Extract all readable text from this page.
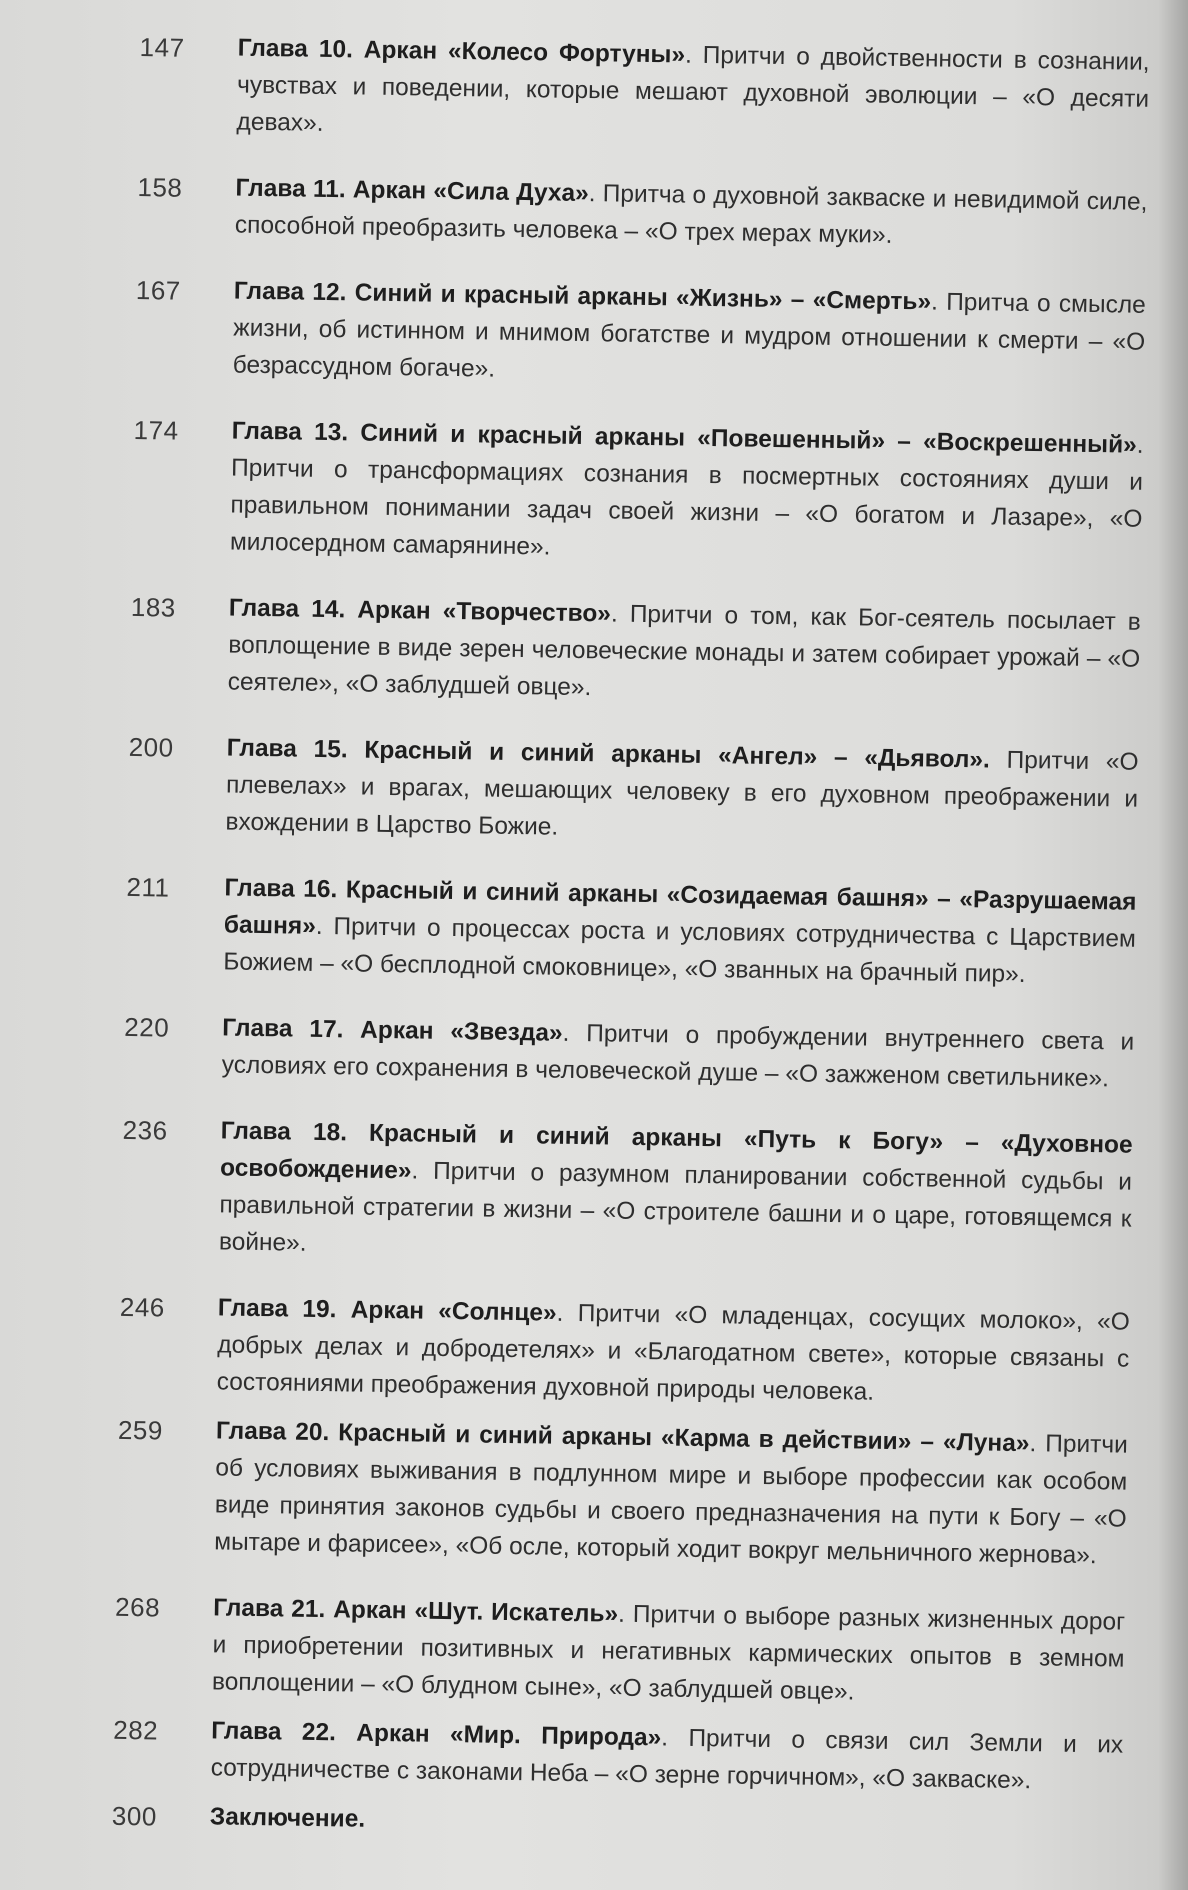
147	Глава 10. Аркан «Колесо Фортуны». Притчи о двойственности в сознании, чувствах и поведении, которые мешают духовной эволюции – «О десяти девах».
158	Глава 11. Аркан «Сила Духа». Притча о духовной закваске и невидимой силе, способной преобразить человека – «О трех мерах муки».
167	Глава 12. Синий и красный арканы «Жизнь» – «Смерть». Притча о смысле жизни, об истинном и мнимом богатстве и мудром отношении к смерти – «О безрассудном богаче».
174	Глава 13. Синий и красный арканы «Повешенный» – «Воскрешенный». Притчи о трансформациях сознания в посмертных состояниях души и правильном понимании задач своей жизни – «О богатом и Лазаре», «О милосердном самарянине».
183	Глава 14. Аркан «Творчество». Притчи о том, как Бог-сеятель посылает в воплощение в виде зерен человеческие монады и затем собирает урожай – «О сеятеле», «О заблудшей овце».
200	Глава 15. Красный и синий арканы «Ангел» – «Дьявол». Притчи «О плевелах» и врагах, мешающих человеку в его духовном преображении и вхождении в Царство Божие.
211	Глава 16. Красный и синий арканы «Созидаемая башня» – «Разрушаемая башня». Притчи о процессах роста и условиях сотрудничества с Царствием Божием – «О бесплодной смоковнице», «О званных на брачный пир».
220	Глава 17. Аркан «Звезда». Притчи о пробуждении внутреннего света и условиях его сохранения в человеческой душе – «О зажженом светильнике».
236	Глава 18. Красный и синий арканы «Путь к Богу» – «Духовное освобождение». Притчи о разумном планировании собственной судьбы и правильной стратегии в жизни – «О строителе башни и о царе, готовящемся к войне».
246	Глава 19. Аркан «Солнце». Притчи «О младенцах, сосущих молоко», «О добрых делах и добродетелях» и «Благодатном свете», которые связаны с состояниями преображения духовной природы человека.
259	Глава 20. Красный и синий арканы «Карма в действии» – «Луна». Притчи об условиях выживания в подлунном мире и выборе профессии как особом виде принятия законов судьбы и своего предназначения на пути к Богу – «О мытаре и фарисее», «Об осле, который ходит вокруг мельничного жернова».
268	Глава 21. Аркан «Шут. Искатель». Притчи о выборе разных жизненных дорог и приобретении позитивных и негативных кармических опытов в земном воплощении – «О блудном сыне», «О заблудшей овце».
282	Глава 22. Аркан «Мир. Природа». Притчи о связи сил Земли и их сотрудничестве с законами Неба – «О зерне горчичном», «О закваске».
300	Заключение.
